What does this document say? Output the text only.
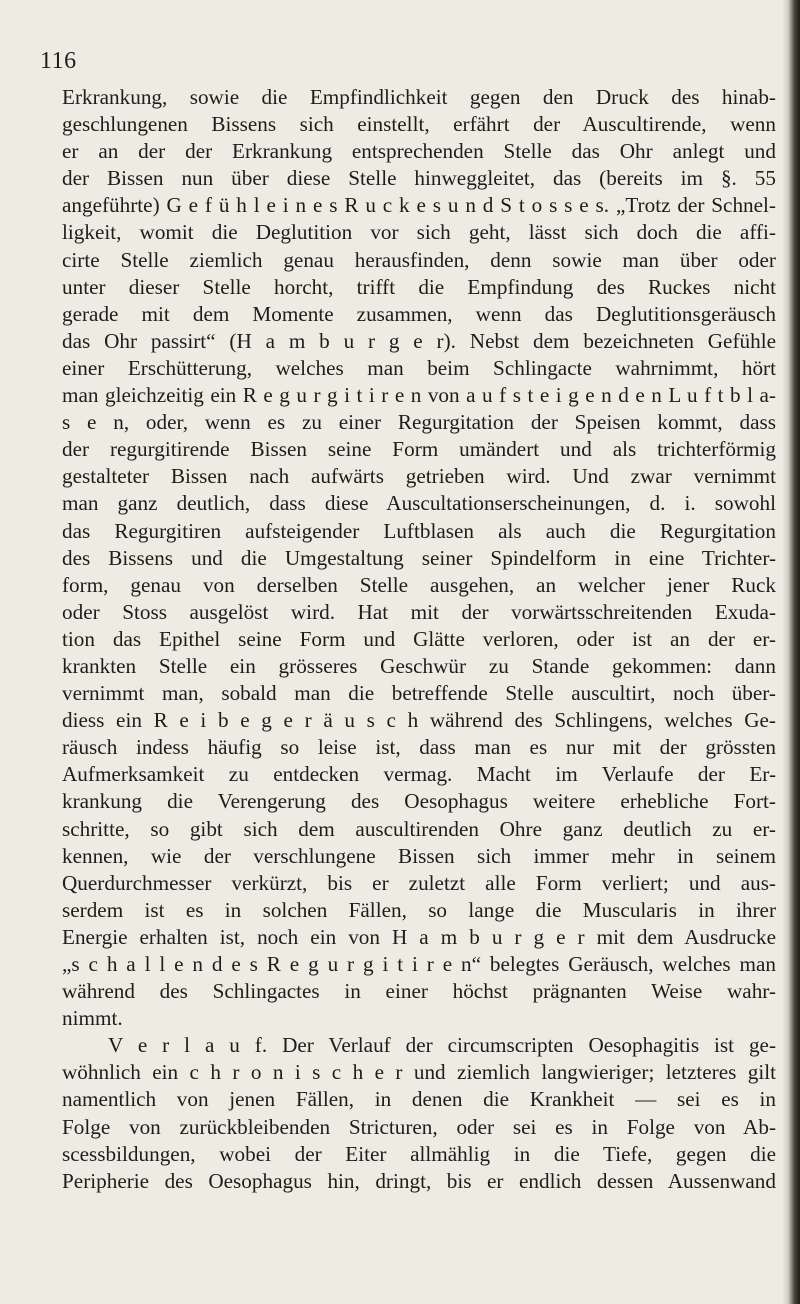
116
Erkrankung, sowie die Empfindlichkeit gegen den Druck des hinab-
geschlungenen Bissens sich einstellt, erfährt der Auscultirende, wenn
er an der der Erkrankung entsprechenden Stelle das Ohr anlegt und
der Bissen nun über diese Stelle hinweggleitet, das (bereits im §. 55
angeführte) G e f ü h l e i n e s R u c k e s u n d S t o s s e s. „Trotz der Schnel-
ligkeit, womit die Deglutition vor sich geht, lässt sich doch die affi-
cirte Stelle ziemlich genau herausfinden, denn sowie man über oder
unter dieser Stelle horcht, trifft die Empfindung des Ruckes nicht
gerade mit dem Momente zusammen, wenn das Deglutitionsgeräusch
das Ohr passirt“ (H a m b u r g e r). Nebst dem bezeichneten Gefühle
einer Erschütterung, welches man beim Schlingacte wahrnimmt, hört
man gleichzeitig ein R e g u r g i t i r e n von a u f s t e i g e n d e n L u f t b l a-
s e n, oder, wenn es zu einer Regurgitation der Speisen kommt, dass
der regurgitirende Bissen seine Form umändert und als trichterförmig
gestalteter Bissen nach aufwärts getrieben wird. Und zwar vernimmt
man ganz deutlich, dass diese Auscultationserscheinungen, d. i. sowohl
das Regurgitiren aufsteigender Luftblasen als auch die Regurgitation
des Bissens und die Umgestaltung seiner Spindelform in eine Trichter-
form, genau von derselben Stelle ausgehen, an welcher jener Ruck
oder Stoss ausgelöst wird. Hat mit der vorwärtsschreitenden Exuda-
tion das Epithel seine Form und Glätte verloren, oder ist an der er-
krankten Stelle ein grösseres Geschwür zu Stande gekommen: dann
vernimmt man, sobald man die betreffende Stelle auscultirt, noch über-
diess ein R e i b e g e r ä u s c h während des Schlingens, welches Ge-
räusch indess häufig so leise ist, dass man es nur mit der grössten
Aufmerksamkeit zu entdecken vermag. Macht im Verlaufe der Er-
krankung die Verengerung des Oesophagus weitere erhebliche Fort-
schritte, so gibt sich dem auscultirenden Ohre ganz deutlich zu er-
kennen, wie der verschlungene Bissen sich immer mehr in seinem
Querdurchmesser verkürzt, bis er zuletzt alle Form verliert; und aus-
serdem ist es in solchen Fällen, so lange die Muscularis in ihrer
Energie erhalten ist, noch ein von H a m b u r g e r mit dem Ausdrucke
„s c h a l l e n d e s R e g u r g i t i r e n“ belegtes Geräusch, welches man
während des Schlingactes in einer höchst prägnanten Weise wahr-
nimmt.
V e r l a u f. Der Verlauf der circumscripten Oesophagitis ist ge-
wöhnlich ein c h r o n i s c h e r und ziemlich langwieriger; letzteres gilt
namentlich von jenen Fällen, in denen die Krankheit — sei es in
Folge von zurückbleibenden Stricturen, oder sei es in Folge von Ab-
scessbildungen, wobei der Eiter allmählig in die Tiefe, gegen die
Peripherie des Oesophagus hin, dringt, bis er endlich dessen Aussenwand
